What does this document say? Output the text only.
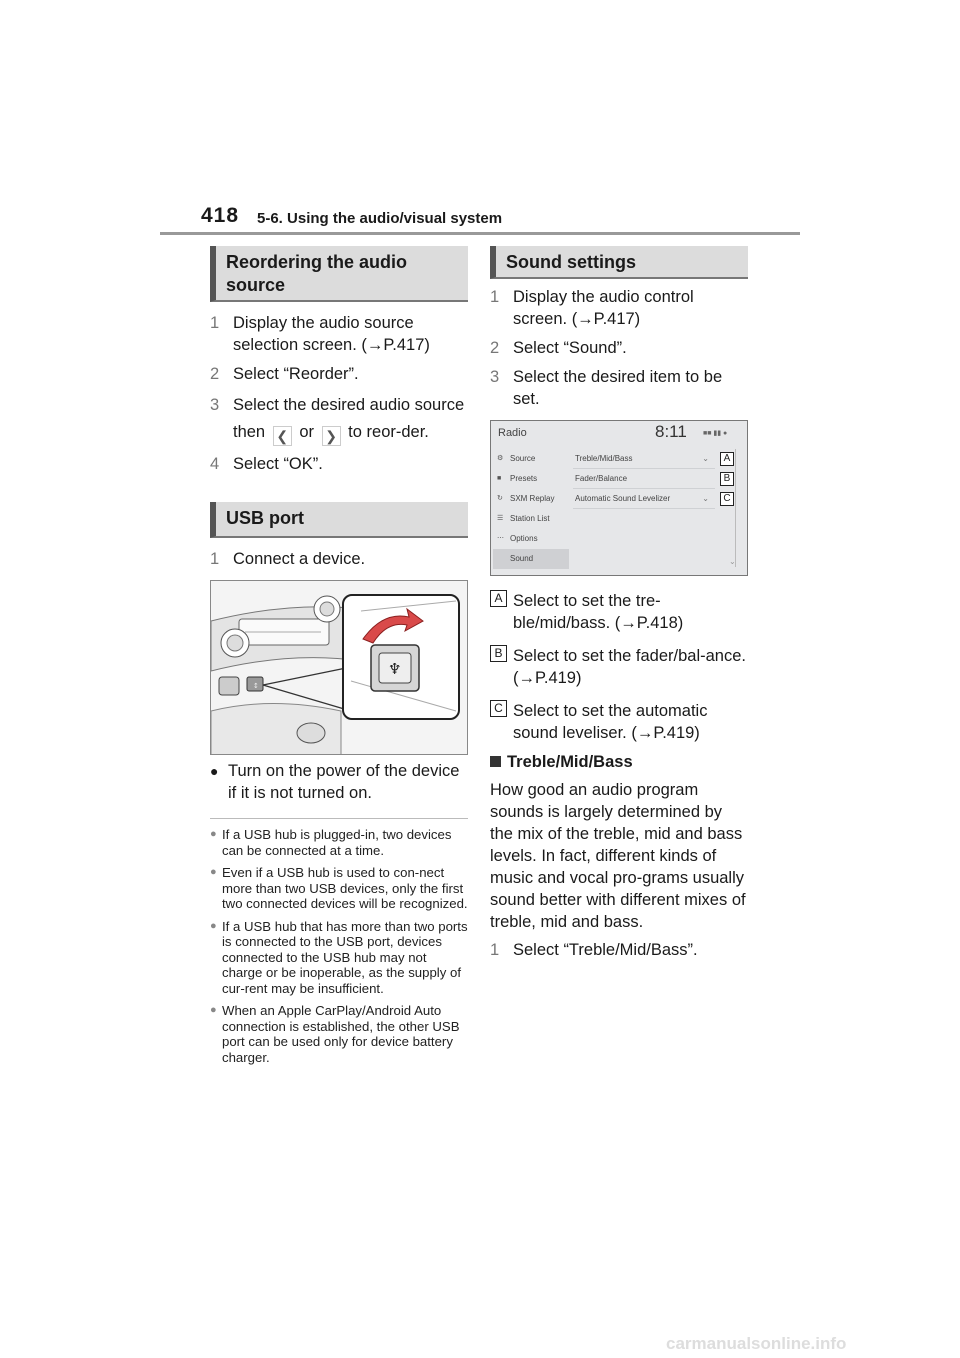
418 5-6. Using the audio/visual system
Reordering the audio source
1 Display the audio source selection screen. (→P.417)
2 Select “Reorder”.
3 Select the desired audio source then ❮ or ❯ to reor-der.
4 Select “OK”.
USB port
1 Connect a device.
↕
♆
● Turn on the power of the device if it is not turned on.
● If a USB hub is plugged-in, two devices can be connected at a time.
● Even if a USB hub is used to con-nect more than two USB devices, only the first two connected devices will be recognized.
● If a USB hub that has more than two ports is connected to the USB port, devices connected to the USB hub may not charge or be inoperable, as the supply of cur-rent may be insufficient.
● When an Apple CarPlay/Android Auto connection is established, the other USB port can be used only for device battery charger.
Sound settings
1 Display the audio control screen. (→P.417)
2 Select “Sound”.
3 Select the desired item to be set.
Radio	8:11 ■■ ▮▮ ●
⚙ Source
■ Presets
↻ SXM Replay
☰ Station List
⋯ Options
Sound
Treble/Mid/Bass	⌄
Fader/Balance
Automatic Sound Levelizer	⌄
A
B
C
⌄
A Select to set the tre-ble/mid/bass. (→P.418)
B Select to set the fader/bal-ance. (→P.419)
C Select to set the automatic sound leveliser. (→P.419)
Treble/Mid/Bass
How good an audio program sounds is largely determined by the mix of the treble, mid and bass levels. In fact, different kinds of music and vocal pro-grams usually sound better with different mixes of treble, mid and bass.
1 Select “Treble/Mid/Bass”.
carmanualsonline.info
